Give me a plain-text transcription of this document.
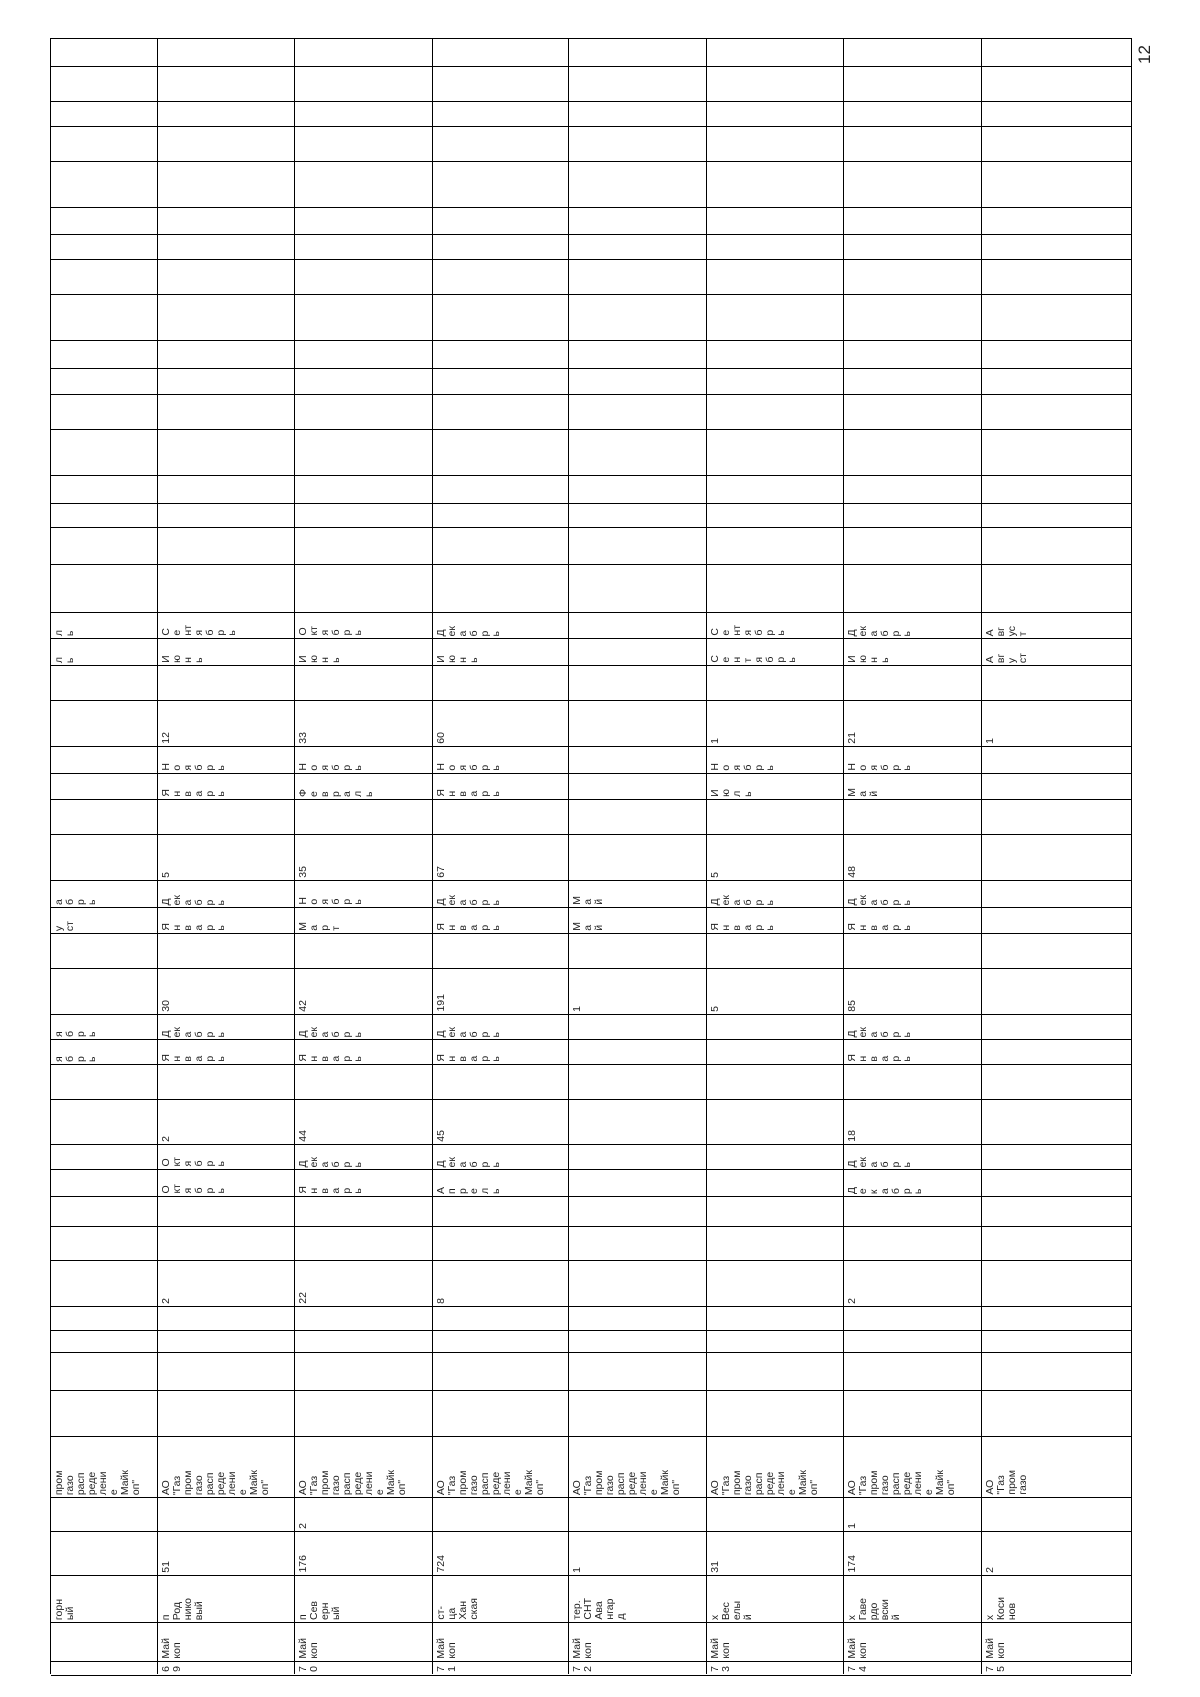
12
горн
ый
пром
газо
расп
реде
лени
е
Майк
оп"
я
б
р
ь
я
б
р
ь
у
ст
а
б
р
ь
л
ь
л
ь
6
9
Май
коп
п
Род
нико
вый
51
АО
"Газ
пром
газо
расп
реде
лени
е
Майк
оп"
2
О
кт
я
б
р
ь
О
кт
я
б
р
ь
2
Я
н
в
а
р
ь
Д
ек
а
б
р
ь
30
Я
н
в
а
р
ь
Д
ек
а
б
р
ь
5
Я
н
в
а
р
ь
Н
о
я
б
р
ь
12
И
ю
н
ь
С
е
нт
я
б
р
ь
7
0
Май
коп
п
Сев
ерн
ый
176
2
АО
"Газ
пром
газо
расп
реде
лени
е
Майк
оп"
22
Я
н
в
а
р
ь
Д
ек
а
б
р
ь
44
Я
н
в
а
р
ь
Д
ек
а
б
р
ь
42
М
а
р
т
Н
о
я
б
р
ь
35
Ф
е
в
р
а
л
ь
Н
о
я
б
р
ь
33
И
ю
н
ь
О
кт
я
б
р
ь
7
1
Май
коп
ст-
ца
Хан
ская
724
АО
"Газ
пром
газо
расп
реде
лени
е
Майк
оп"
8
А
п
р
е
л
ь
Д
ек
а
б
р
ь
45
Я
н
в
а
р
ь
Д
ек
а
б
р
ь
191
Я
н
в
а
р
ь
Д
ек
а
б
р
ь
67
Я
н
в
а
р
ь
Н
о
я
б
р
ь
60
И
ю
н
ь
Д
ек
а
б
р
ь
7
2
Май
коп
тер.
СНТ
Ава
нгар
д
1
АО
"Газ
пром
газо
расп
реде
лени
е
Майк
оп"
1
М
а
й
М
а
й
7
3
Май
коп
х
Вес
елы
й
31
АО
"Газ
пром
газо
расп
реде
лени
е
Майк
оп"
5
Я
н
в
а
р
ь
Д
ек
а
б
р
ь
5
И
ю
л
ь
Н
о
я
б
р
ь
1
С
е
н
т
я
б
р
ь
С
е
нт
я
б
р
ь
7
4
Май
коп
х
Гаве
рдо
вски
й
174
1
АО
"Газ
пром
газо
расп
реде
лени
е
Майк
оп"
2
Д
е
к
а
б
р
ь
Д
ек
а
б
р
ь
18
Я
н
в
а
р
ь
Д
ек
а
б
р
ь
85
Я
н
в
а
р
ь
Д
ек
а
б
р
ь
48
М
а
й
Н
о
я
б
р
ь
21
И
ю
н
ь
Д
ек
а
б
р
ь
7
5
Май
коп
х
Коси
нов
2
АО
"Газ
пром
газо
1
А
вг
у
ст
А
вг
ус
т
